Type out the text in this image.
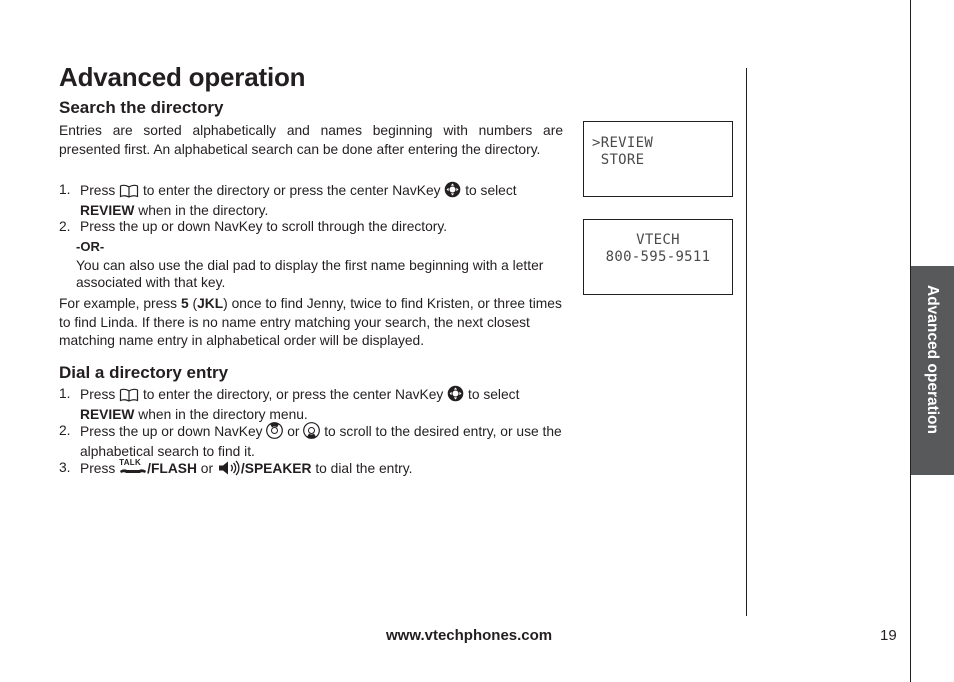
Advanced operation
Search the directory

Entries are sorted alphabetically and names beginning with numbers are presented first. An alphabetical search can be done after entering the directory.

1. Press to enter the directory or press the center NavKey to select
REVIEW when in the directory.
2. Press the up or down NavKey to scroll through the directory.
-OR-
You can also use the dial pad to display the first name beginning with a letter associated with that key.

For example, press 5 (JKL) once to find Jenny, twice to find Kristen, or three times to find Linda. If there is no name entry matching your search, the next closest matching name entry in alphabetical order will be displayed.

Dial a directory entry
1. Press to enter the directory, or press the center NavKey to select
REVIEW when in the directory menu.
2. Press the up or down NavKey or to scroll to the desired entry, or use the alphabetical search to find it.
3. Press TALK /FLASH or /SPEAKER to dial the entry.
>REVIEW
STORE
VTECH
800-595-9511
Advanced operation
www.vtechphones.com	19
